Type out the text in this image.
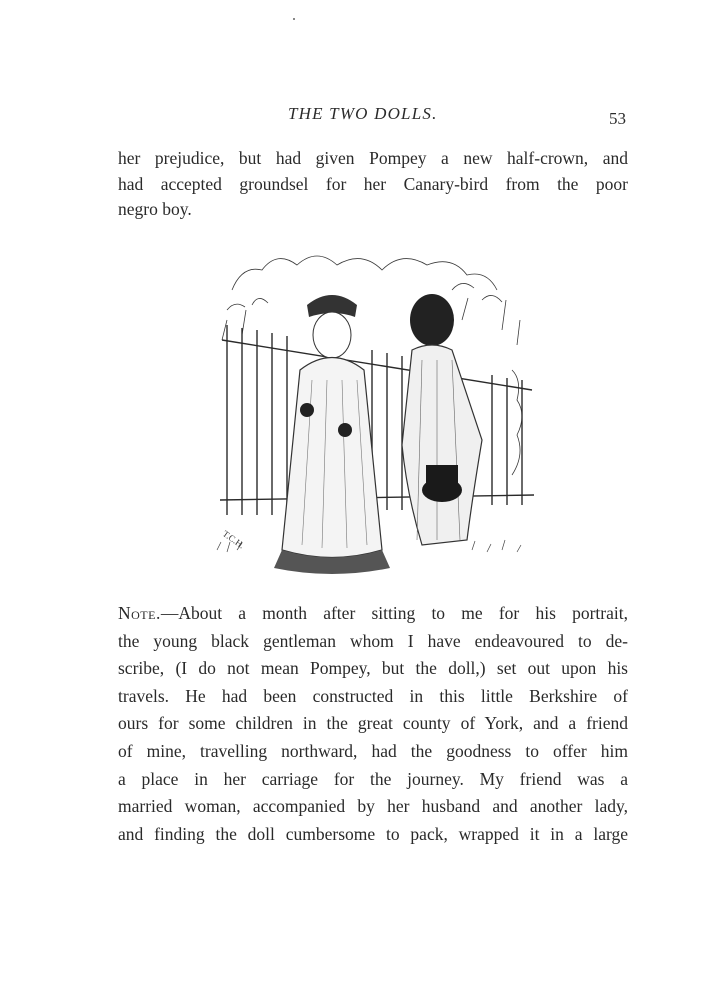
THE TWO DOLLS.	53

her prejudice, but had given Pompey a new half-crown, and
had accepted groundsel for her Canary-bird from the poor
negro boy.

T.C.H.

Note.—About a month after sitting to me for his portrait,
the young black gentleman whom I have endeavoured to de-
scribe, (I do not mean Pompey, but the doll,) set out upon his
travels. He had been constructed in this little Berkshire of
ours for some children in the great county of York, and a friend
of mine, travelling northward, had the goodness to offer him
a place in her carriage for the journey. My friend was a
married woman, accompanied by her husband and another lady,
and finding the doll cumbersome to pack, wrapped it in a large
